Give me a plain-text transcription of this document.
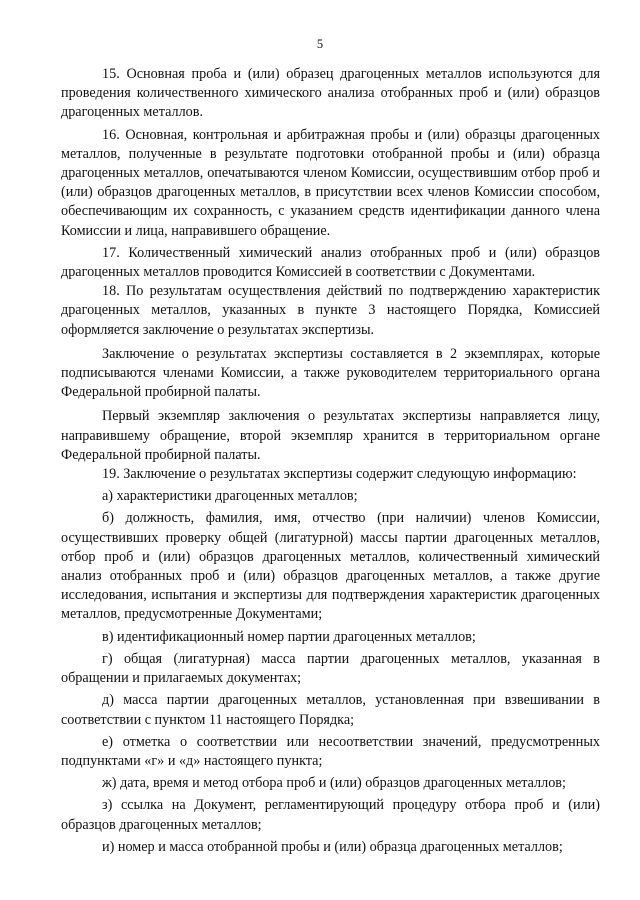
5

15. Основная проба и (или) образец драгоценных металлов используются для проведения количественного химического анализа отобранных проб и (или) образцов драгоценных металлов.

16. Основная, контрольная и арбитражная пробы и (или) образцы драгоценных металлов, полученные в результате подготовки отобранной пробы и (или) образца драгоценных металлов, опечатываются членом Комиссии, осуществившим отбор проб и (или) образцов драгоценных металлов, в присутствии всех членов Комиссии способом, обеспечивающим их сохранность, с указанием средств идентификации данного члена Комиссии и лица, направившего обращение.

17. Количественный химический анализ отобранных проб и (или) образцов драгоценных металлов проводится Комиссией в соответствии с Документами.

18. По результатам осуществления действий по подтверждению характеристик драгоценных металлов, указанных в пункте 3 настоящего Порядка, Комиссией оформляется заключение о результатах экспертизы.

Заключение о результатах экспертизы составляется в 2 экземплярах, которые подписываются членами Комиссии, а также руководителем территориального органа Федеральной пробирной палаты.

Первый экземпляр заключения о результатах экспертизы направляется лицу, направившему обращение, второй экземпляр хранится в территориальном органе Федеральной пробирной палаты.

19. Заключение о результатах экспертизы содержит следующую информацию:

а) характеристики драгоценных металлов;

б) должность, фамилия, имя, отчество (при наличии) членов Комиссии, осуществивших проверку общей (лигатурной) массы партии драгоценных металлов, отбор проб и (или) образцов драгоценных металлов, количественный химический анализ отобранных проб и (или) образцов драгоценных металлов, а также другие исследования, испытания и экспертизы для подтверждения характеристик драгоценных металлов, предусмотренные Документами;

в) идентификационный номер партии драгоценных металлов;

г) общая (лигатурная) масса партии драгоценных металлов, указанная в обращении и прилагаемых документах;

д) масса партии драгоценных металлов, установленная при взвешивании в соответствии с пунктом 11 настоящего Порядка;

е) отметка о соответствии или несоответствии значений, предусмотренных подпунктами «г» и «д» настоящего пункта;

ж) дата, время и метод отбора проб и (или) образцов драгоценных металлов;

з) ссылка на Документ, регламентирующий процедуру отбора проб и (или) образцов драгоценных металлов;

и) номер и масса отобранной пробы и (или) образца драгоценных металлов;
